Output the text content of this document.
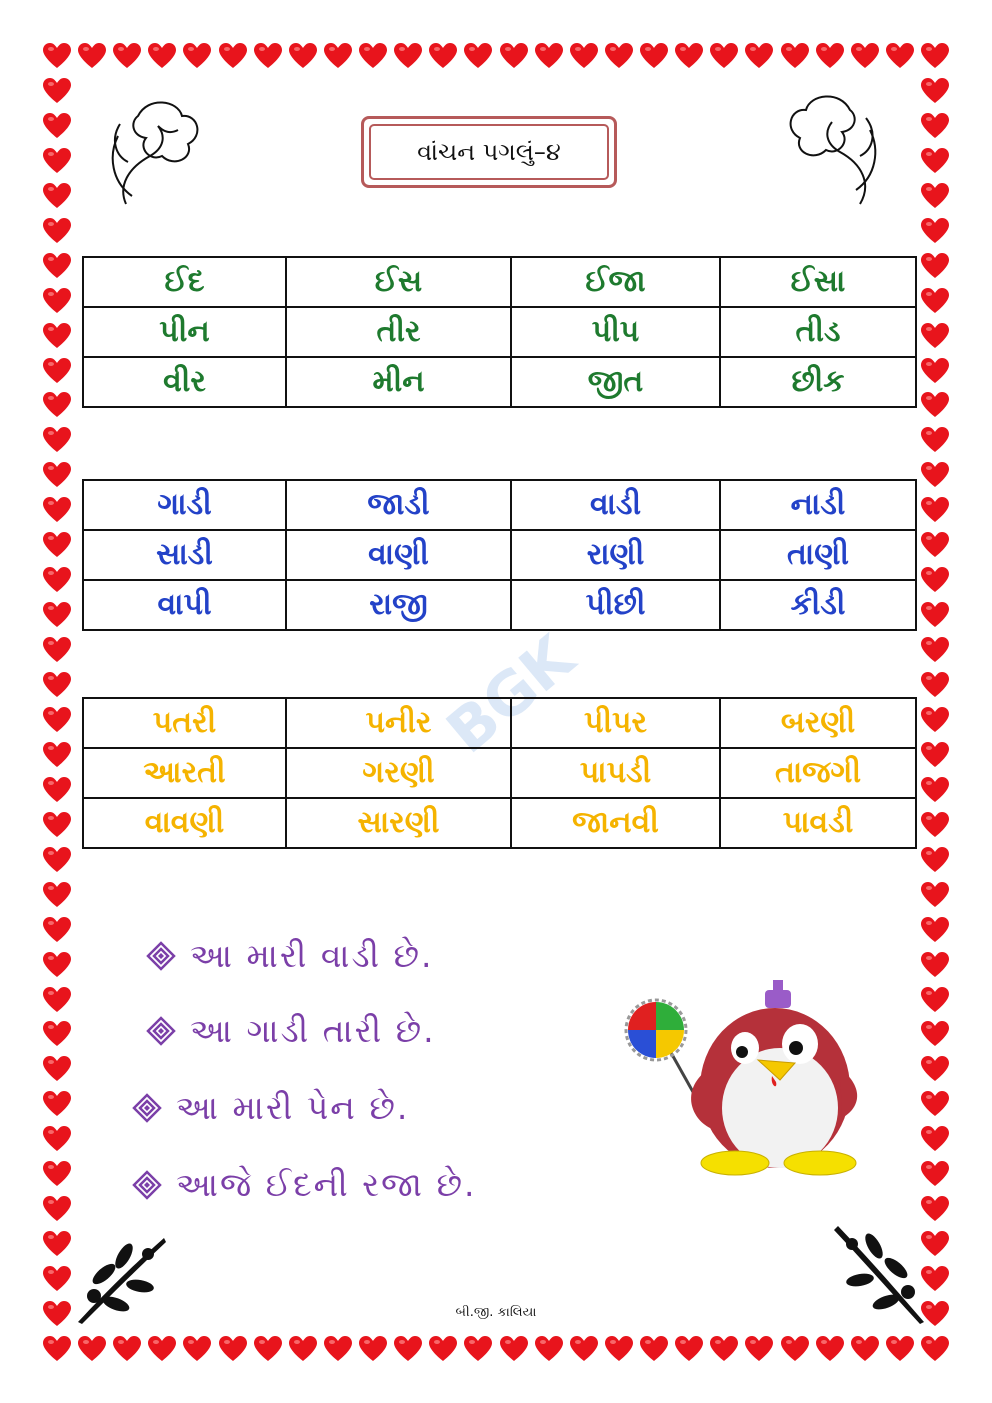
BGK
વાંચન પગલું–૪
ઈદ	ઈસ	ઈજા	ઈસા
પીન	તીર	પીપ	તીડ
વીર	મીન	જીત	છીક
ગાડી	જાડી	વાડી	નાડી
સાડી	વાણી	રાણી	તાણી
વાપી	રાજી	પીછી	કીડી
પતરી	પનીર	પીપર	બરણી
આરતી	ગરણી	પાપડી	તાજગી
વાવણી	સારણી	જાનવી	પાવડી
આ મારી વાડી છે.
આ ગાડી તારી છે.
આ મારી પેન છે.
આજે ઈદની રજા છે.
બી.જી. કાલિયા
